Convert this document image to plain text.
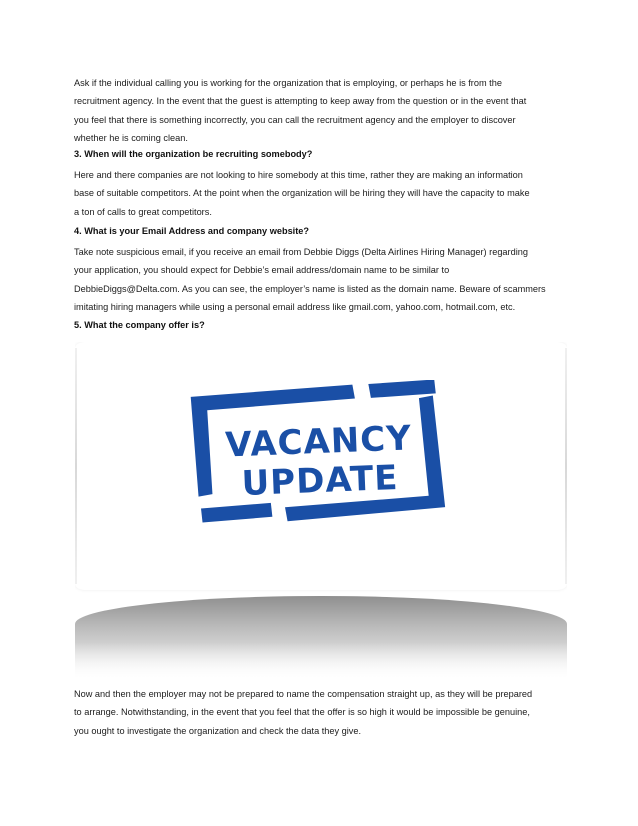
Ask if the individual calling you is working for the organization that is employing, or perhaps he is from the
recruitment agency. In the event that the guest is attempting to keep away from the question or in the event that
you feel that there is something incorrectly, you can call the recruitment agency and the employer to discover
whether he is coming clean.
3. When will the organization be recruiting somebody?
Here and there companies are not looking to hire somebody at this time, rather they are making an information
base of suitable competitors. At the point when the organization will be hiring they will have the capacity to make
a ton of calls to great competitors.
4. What is your Email Address and company website?
Take note suspicious email, if you receive an email from Debbie Diggs (Delta Airlines Hiring Manager) regarding
your application, you should expect for Debbie’s email address/domain name to be similar to
DebbieDiggs@Delta.com. As you can see, the employer’s name is listed as the domain name. Beware of scammers
imitating hiring managers while using a personal email address like gmail.com, yahoo.com, hotmail.com, etc.
5. What the company offer is?
VACANCY
UPDATE
Now and then the employer may not be prepared to name the compensation straight up, as they will be prepared
to arrange. Notwithstanding, in the event that you feel that the offer is so high it would be impossible be genuine,
you ought to investigate the organization and check the data they give.
